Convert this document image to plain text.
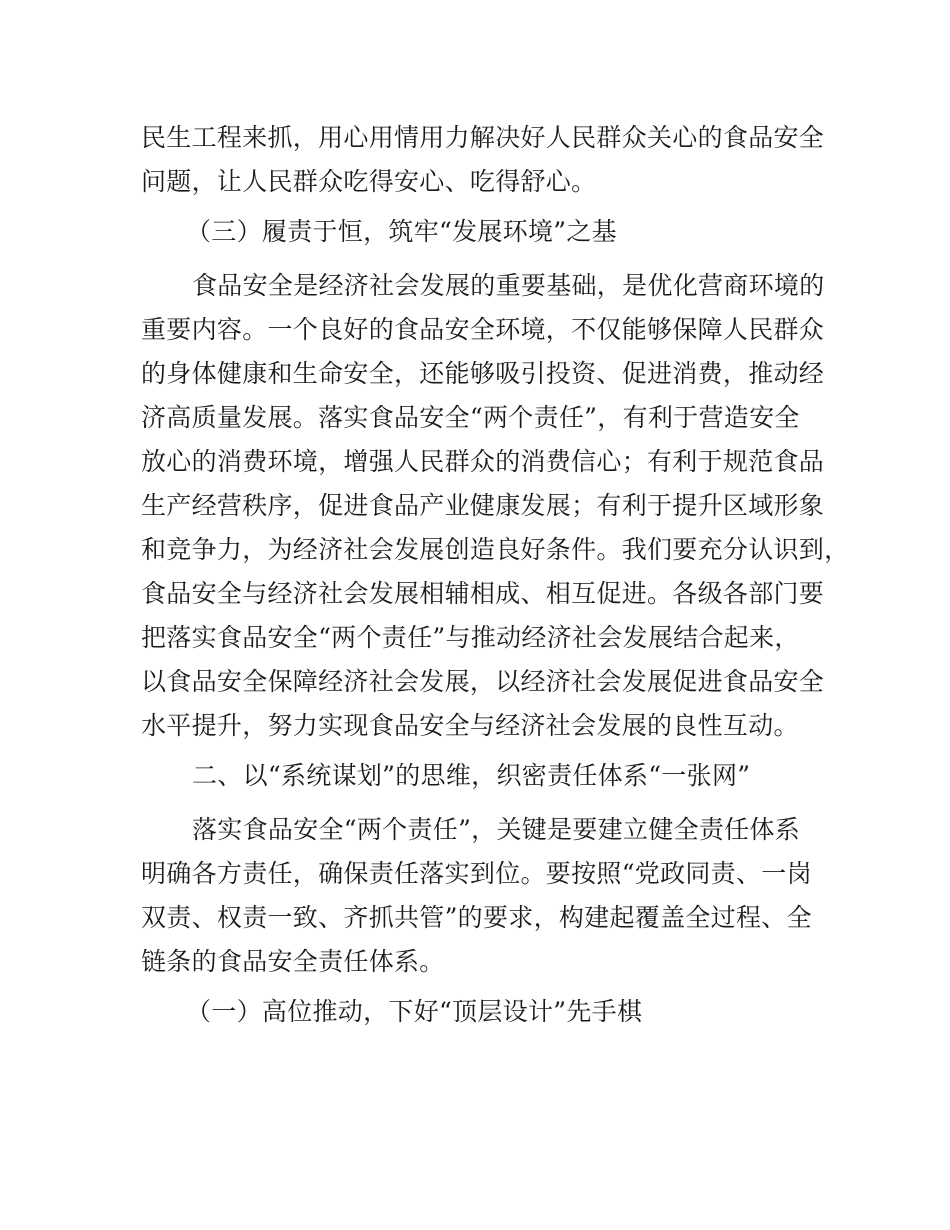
民生工程来抓，用心用情用力解决好人民群众关心的食品安全
问题，让人民群众吃得安心、吃得舒心。
（三）履责于恒，筑牢“发展环境”之基
食品安全是经济社会发展的重要基础，是优化营商环境的
重要内容。一个良好的食品安全环境，不仅能够保障人民群众
的身体健康和生命安全，还能够吸引投资、促进消费，推动经
济高质量发展。落实食品安全“两个责任”，有利于营造安全
放心的消费环境，增强人民群众的消费信心；有利于规范食品
生产经营秩序，促进食品产业健康发展；有利于提升区域形象
和竞争力，为经济社会发展创造良好条件。我们要充分认识到，
食品安全与经济社会发展相辅相成、相互促进。各级各部门要
把落实食品安全“两个责任”与推动经济社会发展结合起来，
以食品安全保障经济社会发展，以经济社会发展促进食品安全
水平提升，努力实现食品安全与经济社会发展的良性互动。
二、以“系统谋划”的思维，织密责任体系“一张网”
落实食品安全“两个责任”，关键是要建立健全责任体系
明确各方责任，确保责任落实到位。要按照“党政同责、一岗
双责、权责一致、齐抓共管”的要求，构建起覆盖全过程、全
链条的食品安全责任体系。
（一）高位推动，下好“顶层设计”先手棋
